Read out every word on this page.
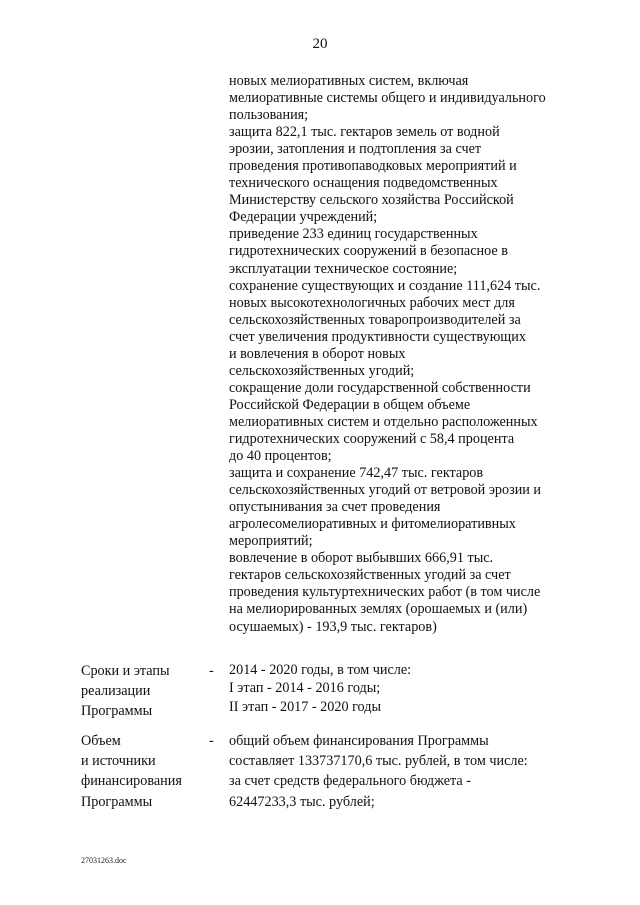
20
новых мелиоративных систем, включая
мелиоративные системы общего и индивидуального
пользования;
защита 822,1 тыс. гектаров земель от водной
эрозии, затопления и подтопления за счет
проведения противопаводковых мероприятий и
технического оснащения подведомственных
Министерству сельского хозяйства Российской
Федерации учреждений;
приведение 233 единиц государственных
гидротехнических сооружений в безопасное в
эксплуатации техническое состояние;
сохранение существующих и создание 111,624 тыс.
новых высокотехнологичных рабочих мест для
сельскохозяйственных товаропроизводителей за
счет увеличения продуктивности существующих
и вовлечения в оборот новых
сельскохозяйственных угодий;
сокращение доли государственной собственности
Российской Федерации в общем объеме
мелиоративных систем и отдельно расположенных
гидротехнических сооружений с 58,4 процента
до 40 процентов;
защита и сохранение 742,47 тыс. гектаров
сельскохозяйственных угодий от ветровой эрозии и
опустынивания за счет проведения
агролесомелиоративных и фитомелиоративных
мероприятий;
вовлечение в оборот выбывших 666,91 тыс.
гектаров сельскохозяйственных угодий за счет
проведения культуртехнических работ (в том числе
на мелиорированных землях (орошаемых и (или)
осушаемых) - 193,9 тыс. гектаров)
Сроки и этапы
реализации
Программы
- 2014 - 2020 годы, в том числе:
I этап - 2014 - 2016 годы;
II этап - 2017 - 2020 годы
Объем
и источники
финансирования
Программы
- общий объем финансирования Программы
составляет 133737170,6 тыс. рублей, в том числе:
за счет средств федерального бюджета -
62447233,3 тыс. рублей;
27031263.doc
